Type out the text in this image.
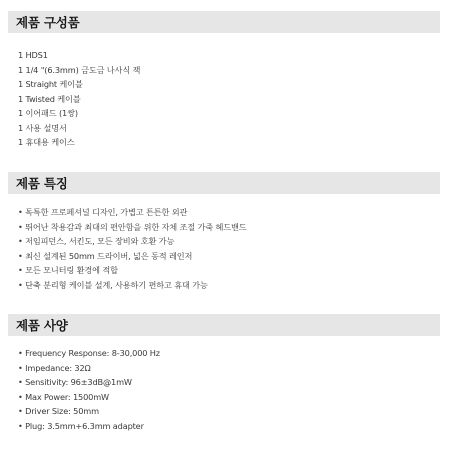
제품 구성품
1 HDS1
1 1/4 "(6.3mm) 금도금 나사식 잭
1 Straight 케이블
1 Twisted 케이블
1 이어패드 (1쌍)
1 사용 설명서
1 휴대용 케이스
제품 특징
• 독특한 프로페셔널 디자인, 가볍고 튼튼한 외관
• 뛰어난 착용감과 최대의 편안함을 위한 자체 조절 가죽 헤드밴드
• 저임피던스, 서킨도, 모든 장비와 호환 가능
• 최신 설계된 50mm 드라이버, 넓은 동적 레인저
• 모든 모니터링 환경에 적합
• 단축 분리형 케이블 설계, 사용하기 편하고 휴대 가능
제품 사양
• Frequency Response: 8-30,000 Hz
• Impedance: 32Ω
• Sensitivity: 96±3dB@1mW
• Max Power: 1500mW
• Driver Size: 50mm
• Plug: 3.5mm+6.3mm adapter
